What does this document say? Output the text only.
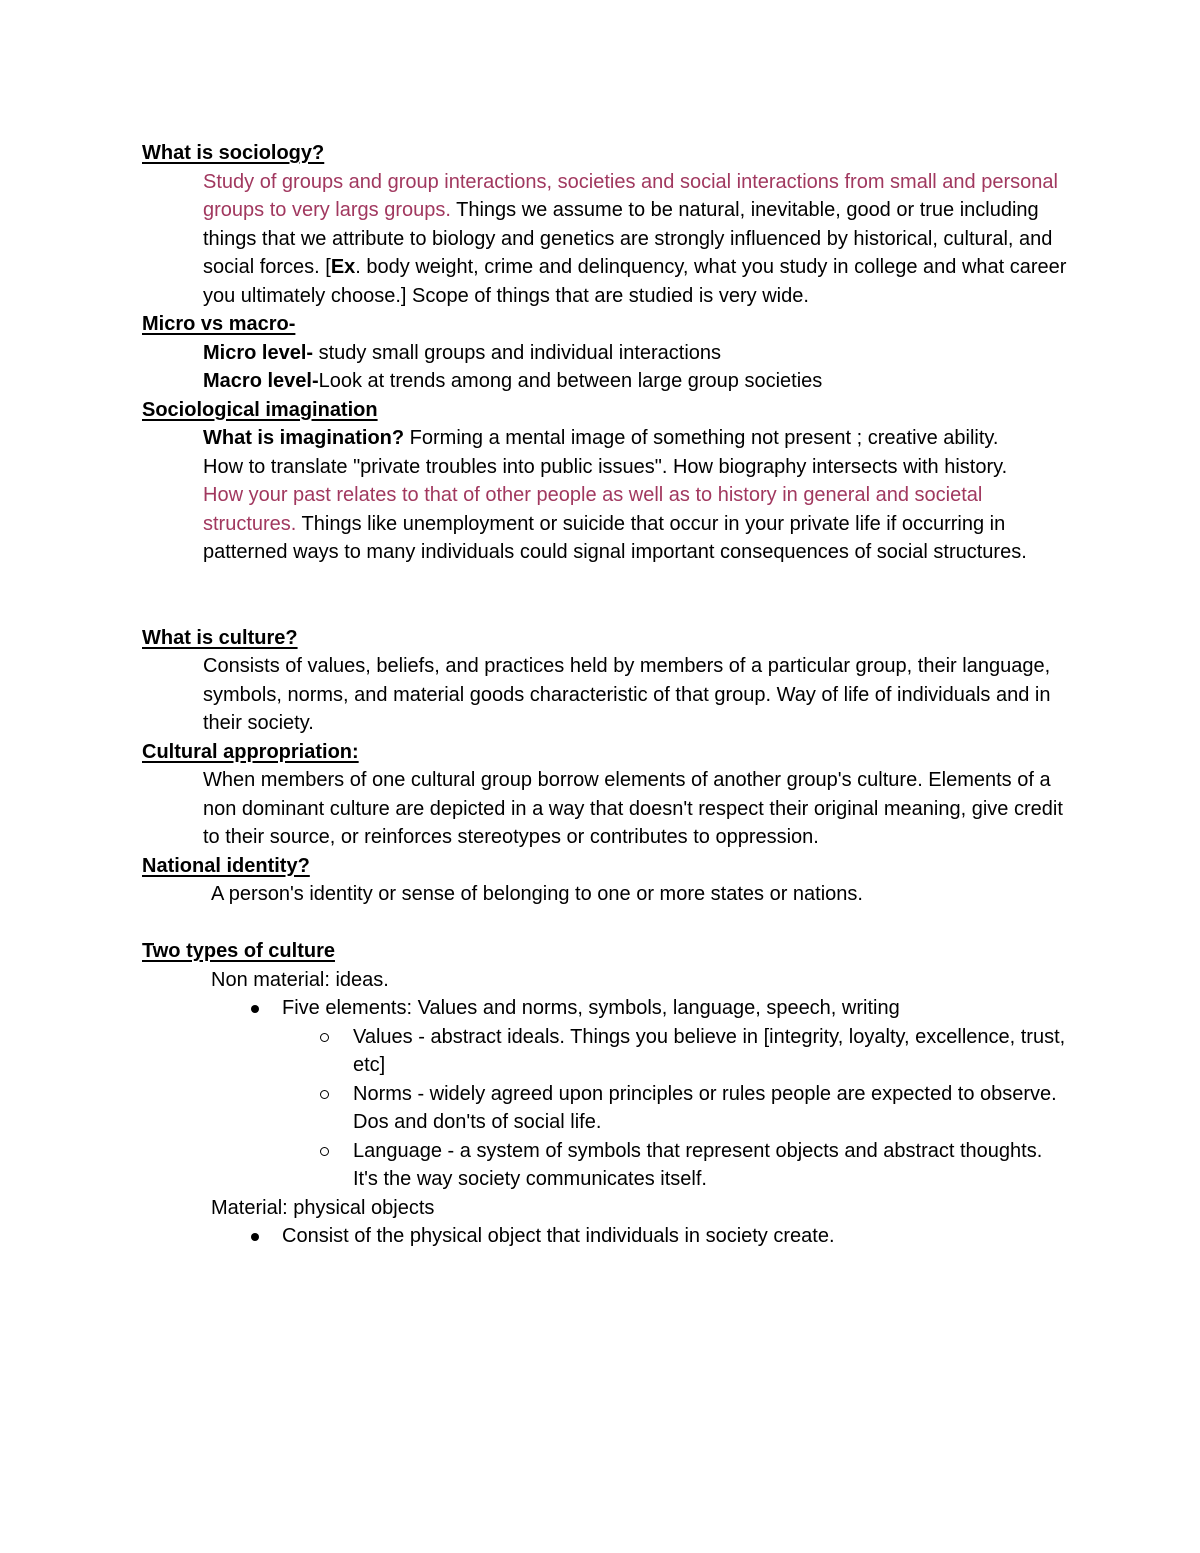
What is sociology?
Study of groups and group interactions, societies and social interactions from small and personal groups to very largs groups. Things we assume to be natural, inevitable, good or true including things that we attribute to biology and genetics are strongly influenced by historical, cultural, and social forces. [Ex. body weight, crime and delinquency, what you study in college and what career you ultimately choose.] Scope of things that are studied is very wide.
Micro vs macro-
Micro level- study small groups and individual interactions
Macro level-Look at trends among and between large group societies
Sociological imagination
What is imagination? Forming a mental image of something not present ; creative ability.
How to translate "private troubles into public issues". How biography intersects with history.
How your past relates to that of other people as well as to history in general and societal structures. Things like unemployment or suicide that occur in your private life if occurring in patterned ways to many individuals could signal important consequences of social structures.
What is culture?
Consists of values, beliefs, and practices held by members of a particular group, their language, symbols, norms, and material goods characteristic of that group. Way of life of individuals and in their society.
Cultural appropriation:
When members of one cultural group borrow elements of another group's culture. Elements of a non dominant culture are depicted in a way that doesn't respect their original meaning, give credit to their source, or reinforces stereotypes or contributes to oppression.
National identity?
A person's identity or sense of belonging to one or more states or nations.
Two types of culture
Non material: ideas.
Five elements: Values and norms, symbols, language, speech, writing
Values - abstract ideals. Things you believe in [integrity, loyalty, excellence, trust, etc]
Norms - widely agreed upon principles or rules people are expected to observe. Dos and don'ts of social life.
Language - a system of symbols that represent objects and abstract thoughts. It's the way society communicates itself.
Material: physical objects
Consist of the physical object that individuals in society create.
